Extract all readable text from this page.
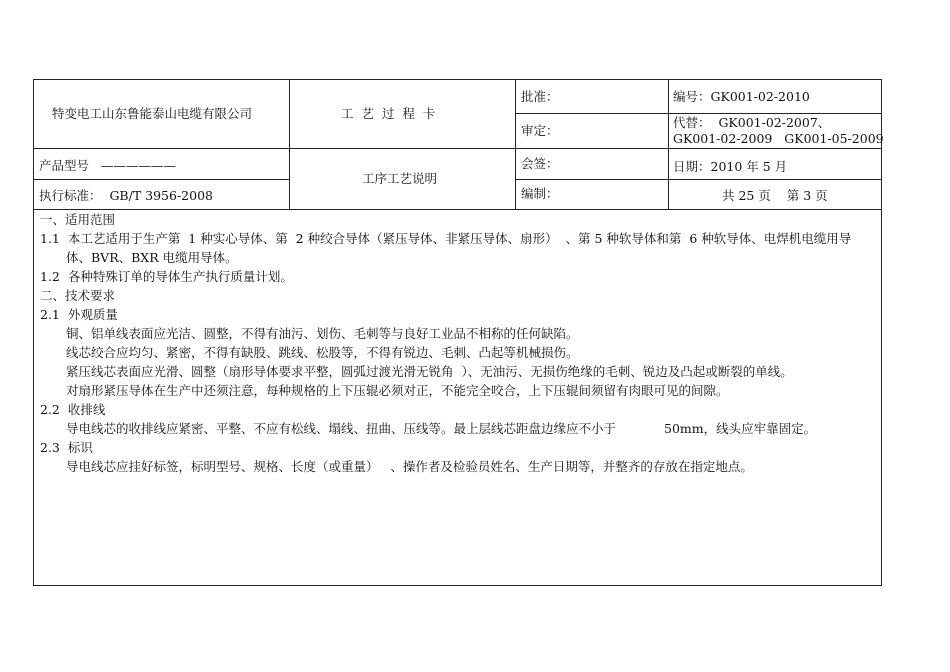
特变电工山东鲁能泰山电缆有限公司	工  艺  过  程  卡
批准：
审定：
编号：GK001-02-2010
代替：  GK001-02-2007、
GK001-02-2009   GK001-05-2009
产品型号   ——————
执行标准：  GB/T 3956-2008
工序工艺说明
会签：
编制：
日期：2010 年 5 月
共 25 页    第 3 页
一、适用范围
1.1  本工艺适用于生产第  1 种实心导体、第  2 种绞合导体（紧压导体、非紧压导体、扇形）  、第 5 种软导体和第  6 种软导体、电焊机电缆用导
体、BVR、BXR 电缆用导体。
1.2  各种特殊订单的导体生产执行质量计划。
二、技术要求
2.1  外观质量
铜、铝单线表面应光洁、圆整，不得有油污、划伤、毛刺等与良好工业品不相称的任何缺陷。
线芯绞合应均匀、紧密，不得有缺股、跳线、松股等，不得有锐边、毛刺、凸起等机械损伤。
紧压线芯表面应光滑、圆整（扇形导体要求平整，圆弧过渡光滑无锐角  ）、无油污、无损伤绝缘的毛刺、锐边及凸起或断裂的单线。
对扇形紧压导体在生产中还须注意，每种规格的上下压辊必须对正，不能完全咬合，上下压辊间须留有肉眼可见的间隙。
2.2  收排线
导电线芯的收排线应紧密、平整、不应有松线、塌线、扭曲、压线等。最上层线芯距盘边缘应不小于	50mm，线头应牢靠固定。
2.3  标识
导电线芯应挂好标签，标明型号、规格、长度（或重量）   、操作者及检验员姓名、生产日期等，并整齐的存放在指定地点。
